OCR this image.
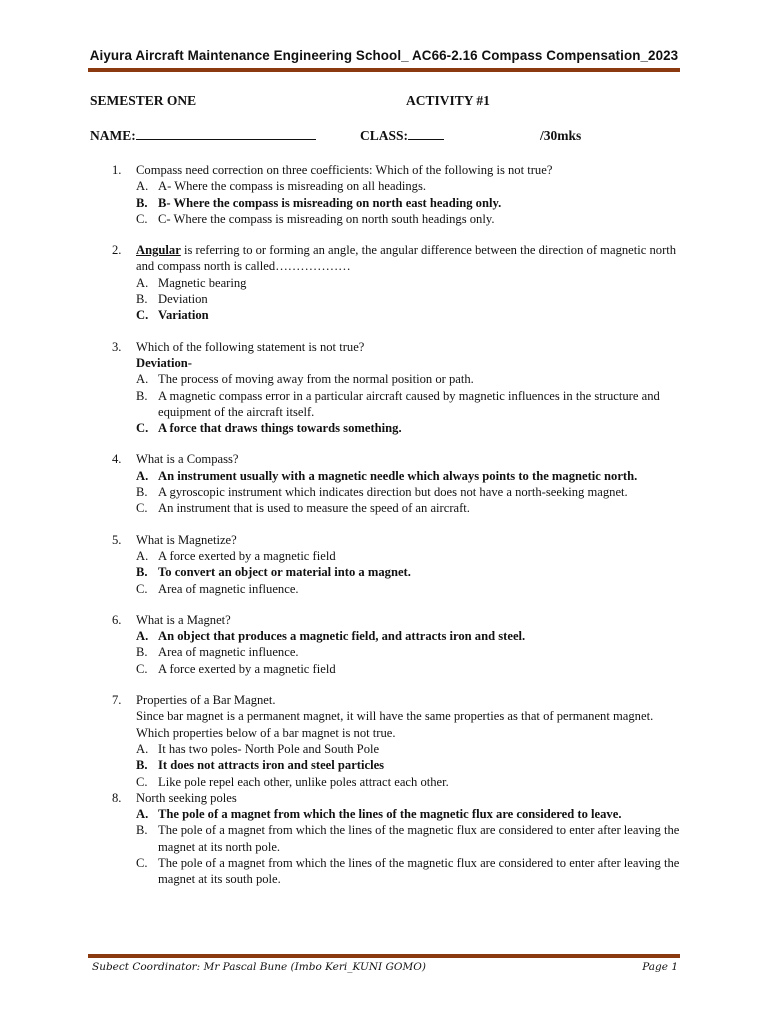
Aiyura Aircraft Maintenance Engineering School_ AC66-2.16 Compass Compensation_2023
SEMESTER ONE	ACTIVITY #1
NAME:	CLASS:	/30mks
1.	Compass need correction on three coefficients: Which of the following is not true?
A. A- Where the compass is misreading on all headings.
B. B- Where the compass is misreading on north east heading only.
C. C- Where the compass is misreading on north south headings only.
2.	Angular is referring to or forming an angle, the angular difference between the direction of magnetic north and compass north is called………………
A. Magnetic bearing
B. Deviation
C. Variation
3.	Which of the following statement is not true?
Deviation-
A. The process of moving away from the normal position or path.
B. A magnetic compass error in a particular aircraft caused by magnetic influences in the structure and equipment of the aircraft itself.
C. A force that draws things towards something.
4.	What is a Compass?
A. An instrument usually with a magnetic needle which always points to the magnetic north.
B. A gyroscopic instrument which indicates direction but does not have a north-seeking magnet.
C. An instrument that is used to measure the speed of an aircraft.
5.	What is Magnetize?
A. A force exerted by a magnetic field
B. To convert an object or material into a magnet.
C. Area of magnetic influence.
6.	What is a Magnet?
A. An object that produces a magnetic field, and attracts iron and steel.
B. Area of magnetic influence.
C. A force exerted by a magnetic field
7.	Properties of a Bar Magnet.
Since bar magnet is a permanent magnet, it will have the same properties as that of permanent magnet. Which properties below of a bar magnet is not true.
A. It has two poles- North Pole and South Pole
B. It does not attracts iron and steel particles
C. Like pole repel each other, unlike poles attract each other.
8.	North seeking poles
A. The pole of a magnet from which the lines of the magnetic flux are considered to leave.
B. The pole of a magnet from which the lines of the magnetic flux are considered to enter after leaving the magnet at its north pole.
C. The pole of a magnet from which the lines of the magnetic flux are considered to enter after leaving the magnet at its south pole.
Subect Coordinator: Mr Pascal Bune (Imbo Keri_KUNI GOMO)	Page 1
